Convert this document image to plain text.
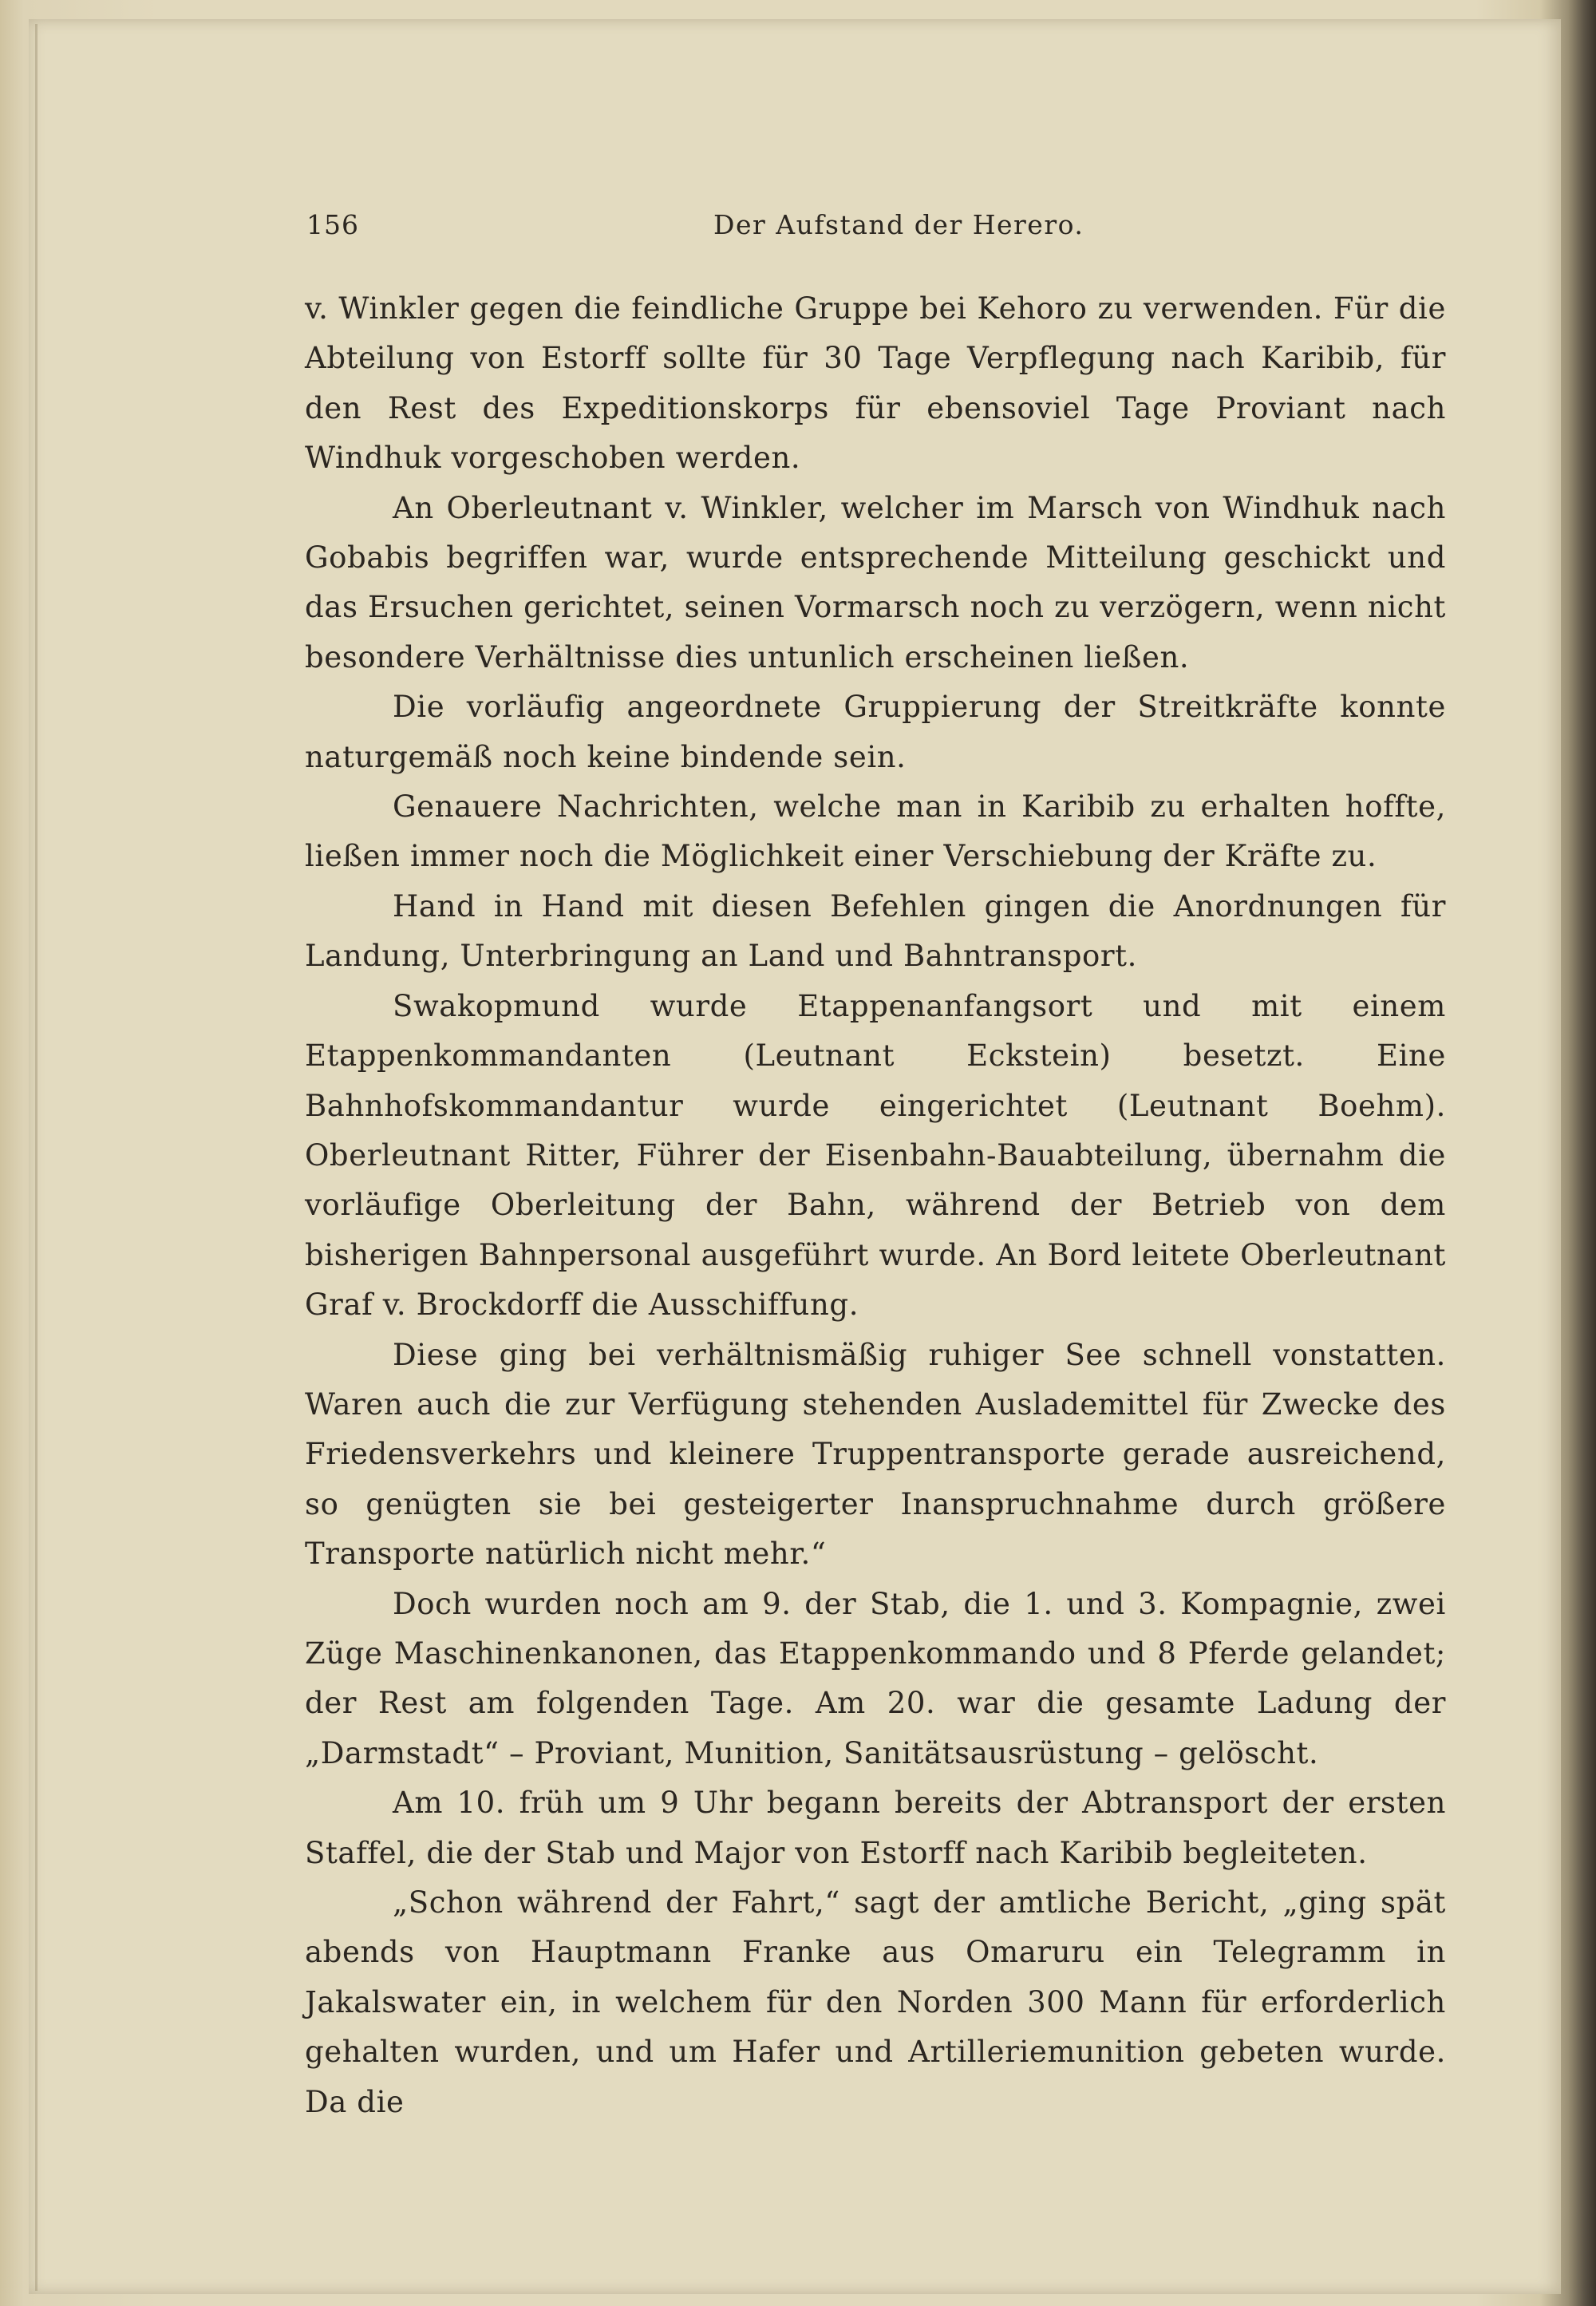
156	Der Aufstand der Herero.

v. Winkler gegen die feindliche Gruppe bei Kehoro zu verwenden. Für die Abteilung von Estorff sollte für 30 Tage Verpflegung nach Karibib, für den Rest des Expeditionskorps für ebensoviel Tage Proviant nach Windhuk vorgeschoben werden.

An Oberleutnant v. Winkler, welcher im Marsch von Windhuk nach Gobabis begriffen war, wurde entsprechende Mitteilung geschickt und das Ersuchen gerichtet, seinen Vormarsch noch zu verzögern, wenn nicht besondere Verhältnisse dies untunlich erscheinen ließen.

Die vorläufig angeordnete Gruppierung der Streitkräfte konnte naturgemäß noch keine bindende sein.

Genauere Nachrichten, welche man in Karibib zu erhalten hoffte, ließen immer noch die Möglichkeit einer Verschiebung der Kräfte zu.

Hand in Hand mit diesen Befehlen gingen die Anordnungen für Landung, Unterbringung an Land und Bahntransport.

Swakopmund wurde Etappenanfangsort und mit einem Etappenkommandanten (Leutnant Eckstein) besetzt. Eine Bahnhofskommandantur wurde eingerichtet (Leutnant Boehm). Oberleutnant Ritter, Führer der Eisenbahn-Bauabteilung, übernahm die vorläufige Oberleitung der Bahn, während der Betrieb von dem bisherigen Bahnpersonal ausgeführt wurde. An Bord leitete Oberleutnant Graf v. Brockdorff die Ausschiffung.

Diese ging bei verhältnismäßig ruhiger See schnell vonstatten. Waren auch die zur Verfügung stehenden Auslademittel für Zwecke des Friedensverkehrs und kleinere Truppentransporte gerade ausreichend, so genügten sie bei gesteigerter Inanspruchnahme durch größere Transporte natürlich nicht mehr.“

Doch wurden noch am 9. der Stab, die 1. und 3. Kompagnie, zwei Züge Maschinenkanonen, das Etappenkommando und 8 Pferde gelandet; der Rest am folgenden Tage. Am 20. war die gesamte Ladung der „Darmstadt“ – Proviant, Munition, Sanitätsausrüstung – gelöscht.

Am 10. früh um 9 Uhr begann bereits der Abtransport der ersten Staffel, die der Stab und Major von Estorff nach Karibib begleiteten.

„Schon während der Fahrt,“ sagt der amtliche Bericht, „ging spät abends von Hauptmann Franke aus Omaruru ein Telegramm in Jakalswater ein, in welchem für den Norden 300 Mann für erforderlich gehalten wurden, und um Hafer und Artilleriemunition gebeten wurde. Da die
